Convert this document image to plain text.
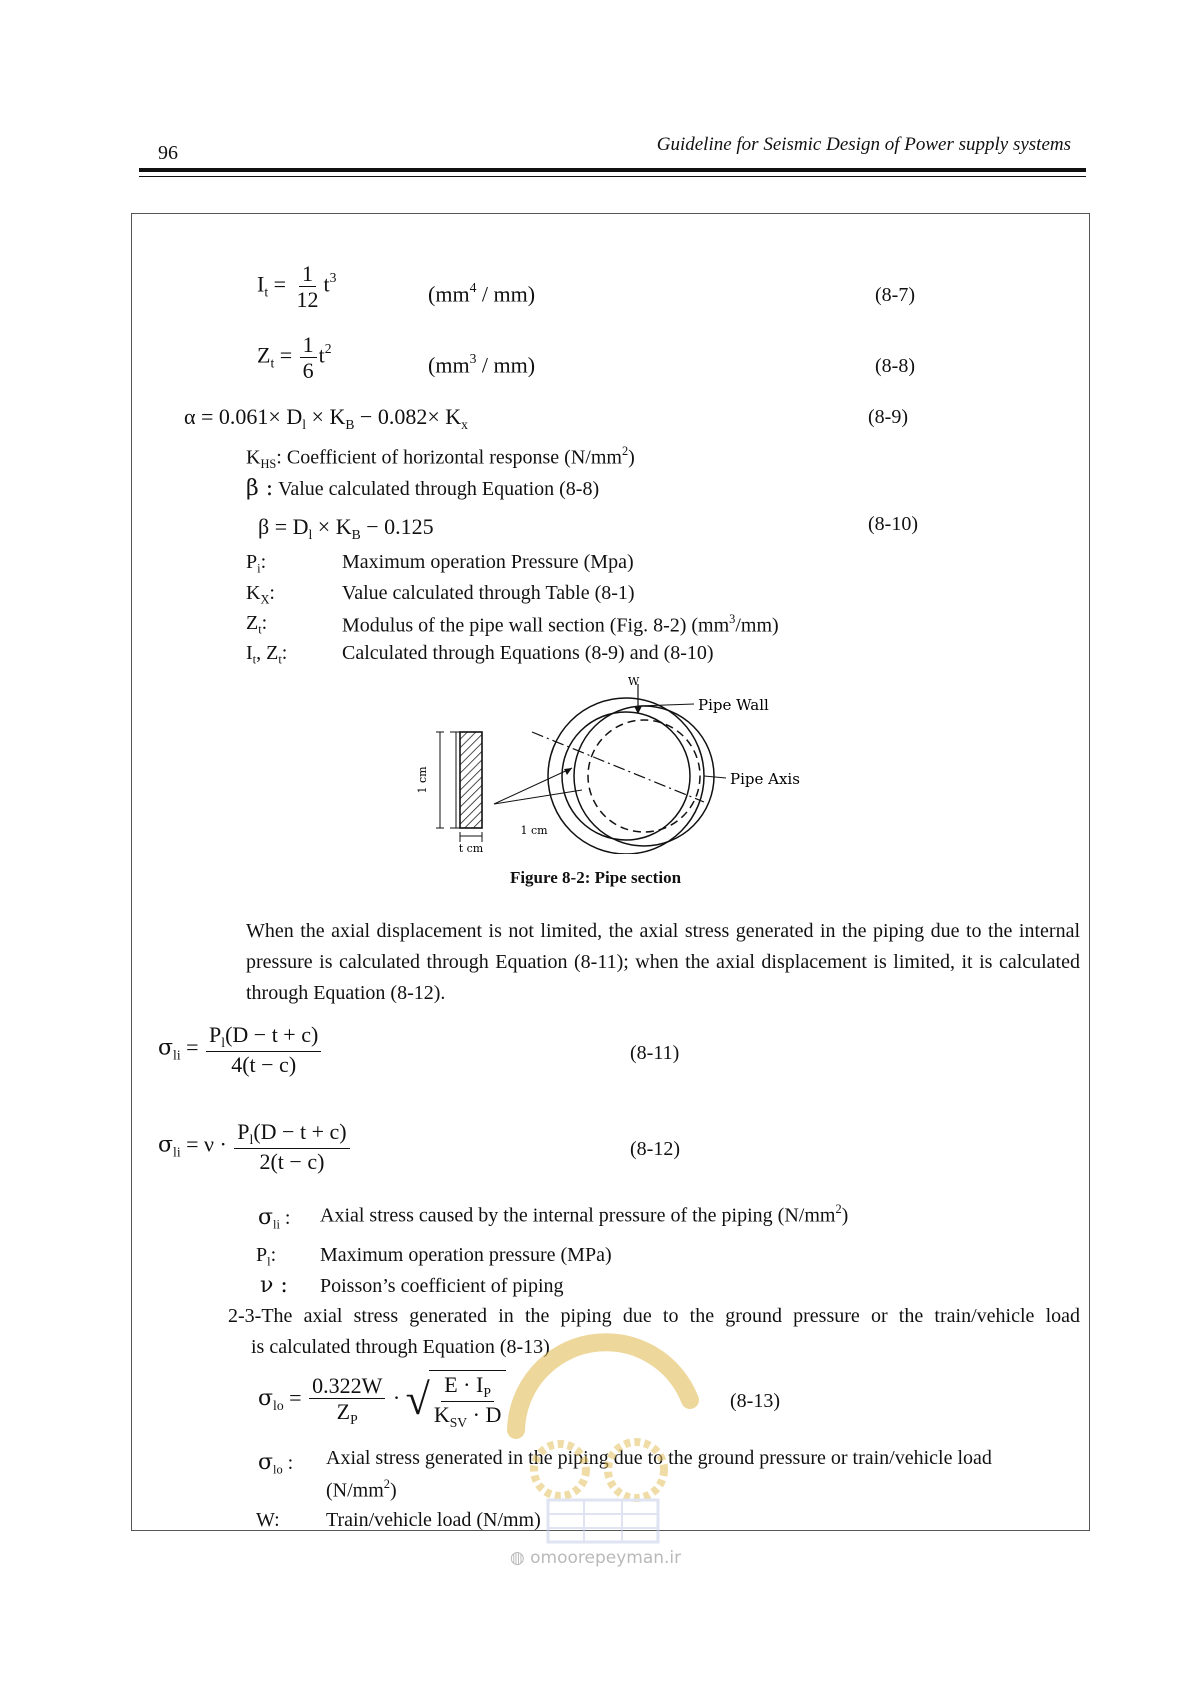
96	Guideline for Seismic Design of Power supply systems
$I_t = \frac{1}{12} t^3$
$(mm^4 / mm)$	(8-7)
$Z_t = \frac{1}{6} t^2$
$(mm^3 / mm)$	(8-8)
$\alpha = 0.061\times D_l \times K_B - 0.082\times K_x$	(8-9)
$K_{HS}$: Coefficient of horizontal response $(N/mm^2)$
β : Value calculated through Equation (8-8)
$\beta = D_l \times K_B - 0.125$	(8-10)
$P_i$:	Maximum operation Pressure (Mpa)
$K_X$:	Value calculated through Table (8-1)
$Z_t$:	Modulus of the pipe wall section (Fig. 8-2) $(mm^3/mm)$
$I_t$, $Z_t$:	Calculated through Equations (8-9) and (8-10)
1 cm
t cm
W
Pipe Wall
Pipe Axis
1 cm
Figure 8-2: Pipe section
When the axial displacement is not limited, the axial stress generated in the piping due to the internal pressure is calculated through Equation (8-11); when the axial displacement is limited, it is calculated through Equation (8-12).
$\sigma_{li} = \frac{P_l(D - t + c)}{4(t - c)}$	(8-11)
$\sigma_{li} = \nu \cdot \frac{P_l(D - t + c)}{2(t - c)}$	(8-12)
$\sigma_{li}$ : Axial stress caused by the internal pressure of the piping $(N/mm^2)$
$P_l$: Maximum operation pressure (MPa)
ν : Poisson’s coefficient of piping
2-3-The axial stress generated in the piping due to the ground pressure or the train/vehicle load
is calculated through Equation (8-13)
$\sigma_{lo} = \frac{0.322W}{Z_P}$ · √ $\frac{E \cdot I_P}{K_{SV} \cdot D}$	(8-13)
$\sigma_{lo}$ : Axial stress generated in the piping due to the ground pressure or train/vehicle load
$(N/mm^2)$
W: Train/vehicle load (N/mm)
◍ omoorepeyman.ir
